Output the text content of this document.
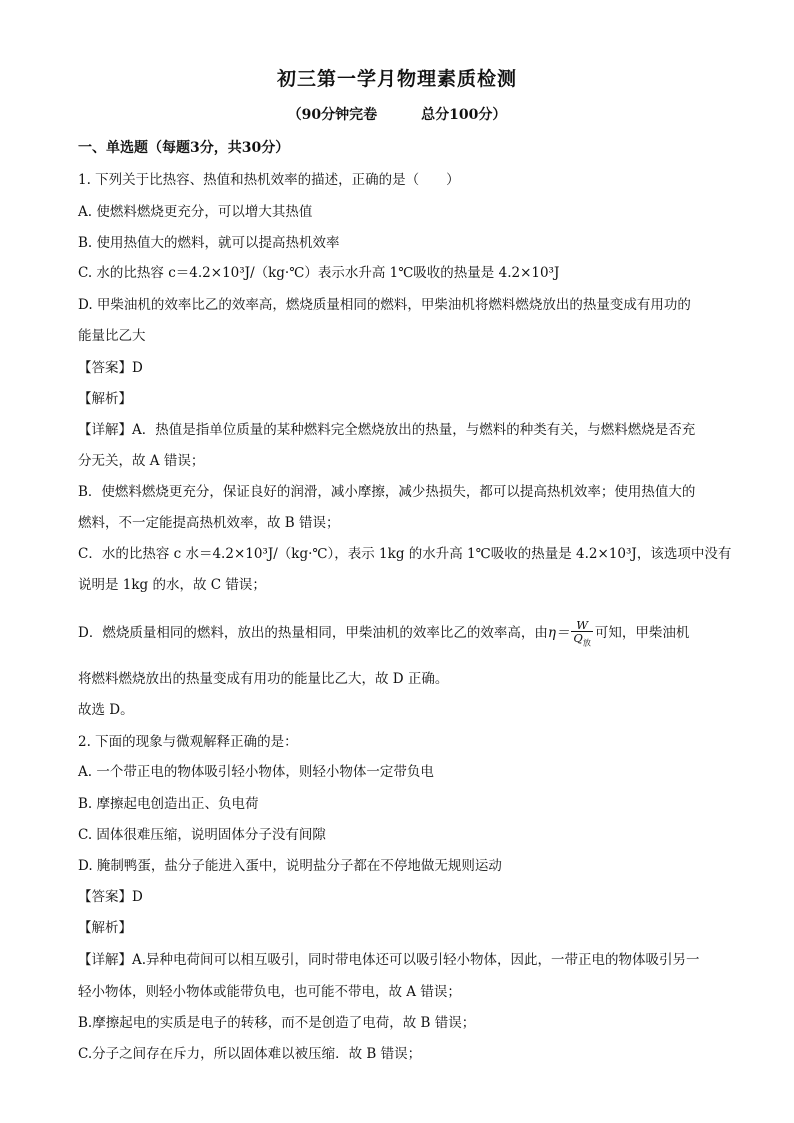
初三第一学月物理素质检测
（90分钟完卷	总分100分）
一、单选题（每题3分，共30分）
1. 下列关于比热容、热值和热机效率的描述，正确的是（　　）
A. 使燃料燃烧更充分，可以增大其热值
B. 使用热值大的燃料，就可以提高热机效率
C. 水的比热容 c＝4.2×10³J/（kg·℃）表示水升高 1℃吸收的热量是 4.2×10³J
D. 甲柴油机的效率比乙的效率高，燃烧质量相同的燃料，甲柴油机将燃料燃烧放出的热量变成有用功的
能量比乙大
【答案】D
【解析】
【详解】A．热值是指单位质量的某种燃料完全燃烧放出的热量，与燃料的种类有关，与燃料燃烧是否充
分无关，故 A 错误；
B．使燃料燃烧更充分，保证良好的润滑，减小摩擦，减少热损失，都可以提高热机效率；使用热值大的
燃料，不一定能提高热机效率，故 B 错误；
C．水的比热容 c 水＝4.2×10³J/（kg·℃），表示 1kg 的水升高 1℃吸收的热量是 4.2×10³J，该选项中没有
说明是 1kg 的水，故 C 错误；
D．燃烧质量相同的燃料，放出的热量相同，甲柴油机的效率比乙的效率高，由$\eta= \frac{W}{Q_放}$ 可知，甲柴油机
将燃料燃烧放出的热量变成有用功的能量比乙大，故 D 正确。
故选 D。
2. 下面的现象与微观解释正确的是：
A. 一个带正电的物体吸引轻小物体，则轻小物体一定带负电
B. 摩擦起电创造出正、负电荷
C. 固体很难压缩，说明固体分子没有间隙
D. 腌制鸭蛋，盐分子能进入蛋中，说明盐分子都在不停地做无规则运动
【答案】D
【解析】
【详解】A.异种电荷间可以相互吸引，同时带电体还可以吸引轻小物体，因此，一带正电的物体吸引另一
轻小物体，则轻小物体或能带负电，也可能不带电，故 A 错误；
B.摩擦起电的实质是电子的转移，而不是创造了电荷，故 B 错误；
C.分子之间存在斥力，所以固体难以被压缩．故 B 错误；
